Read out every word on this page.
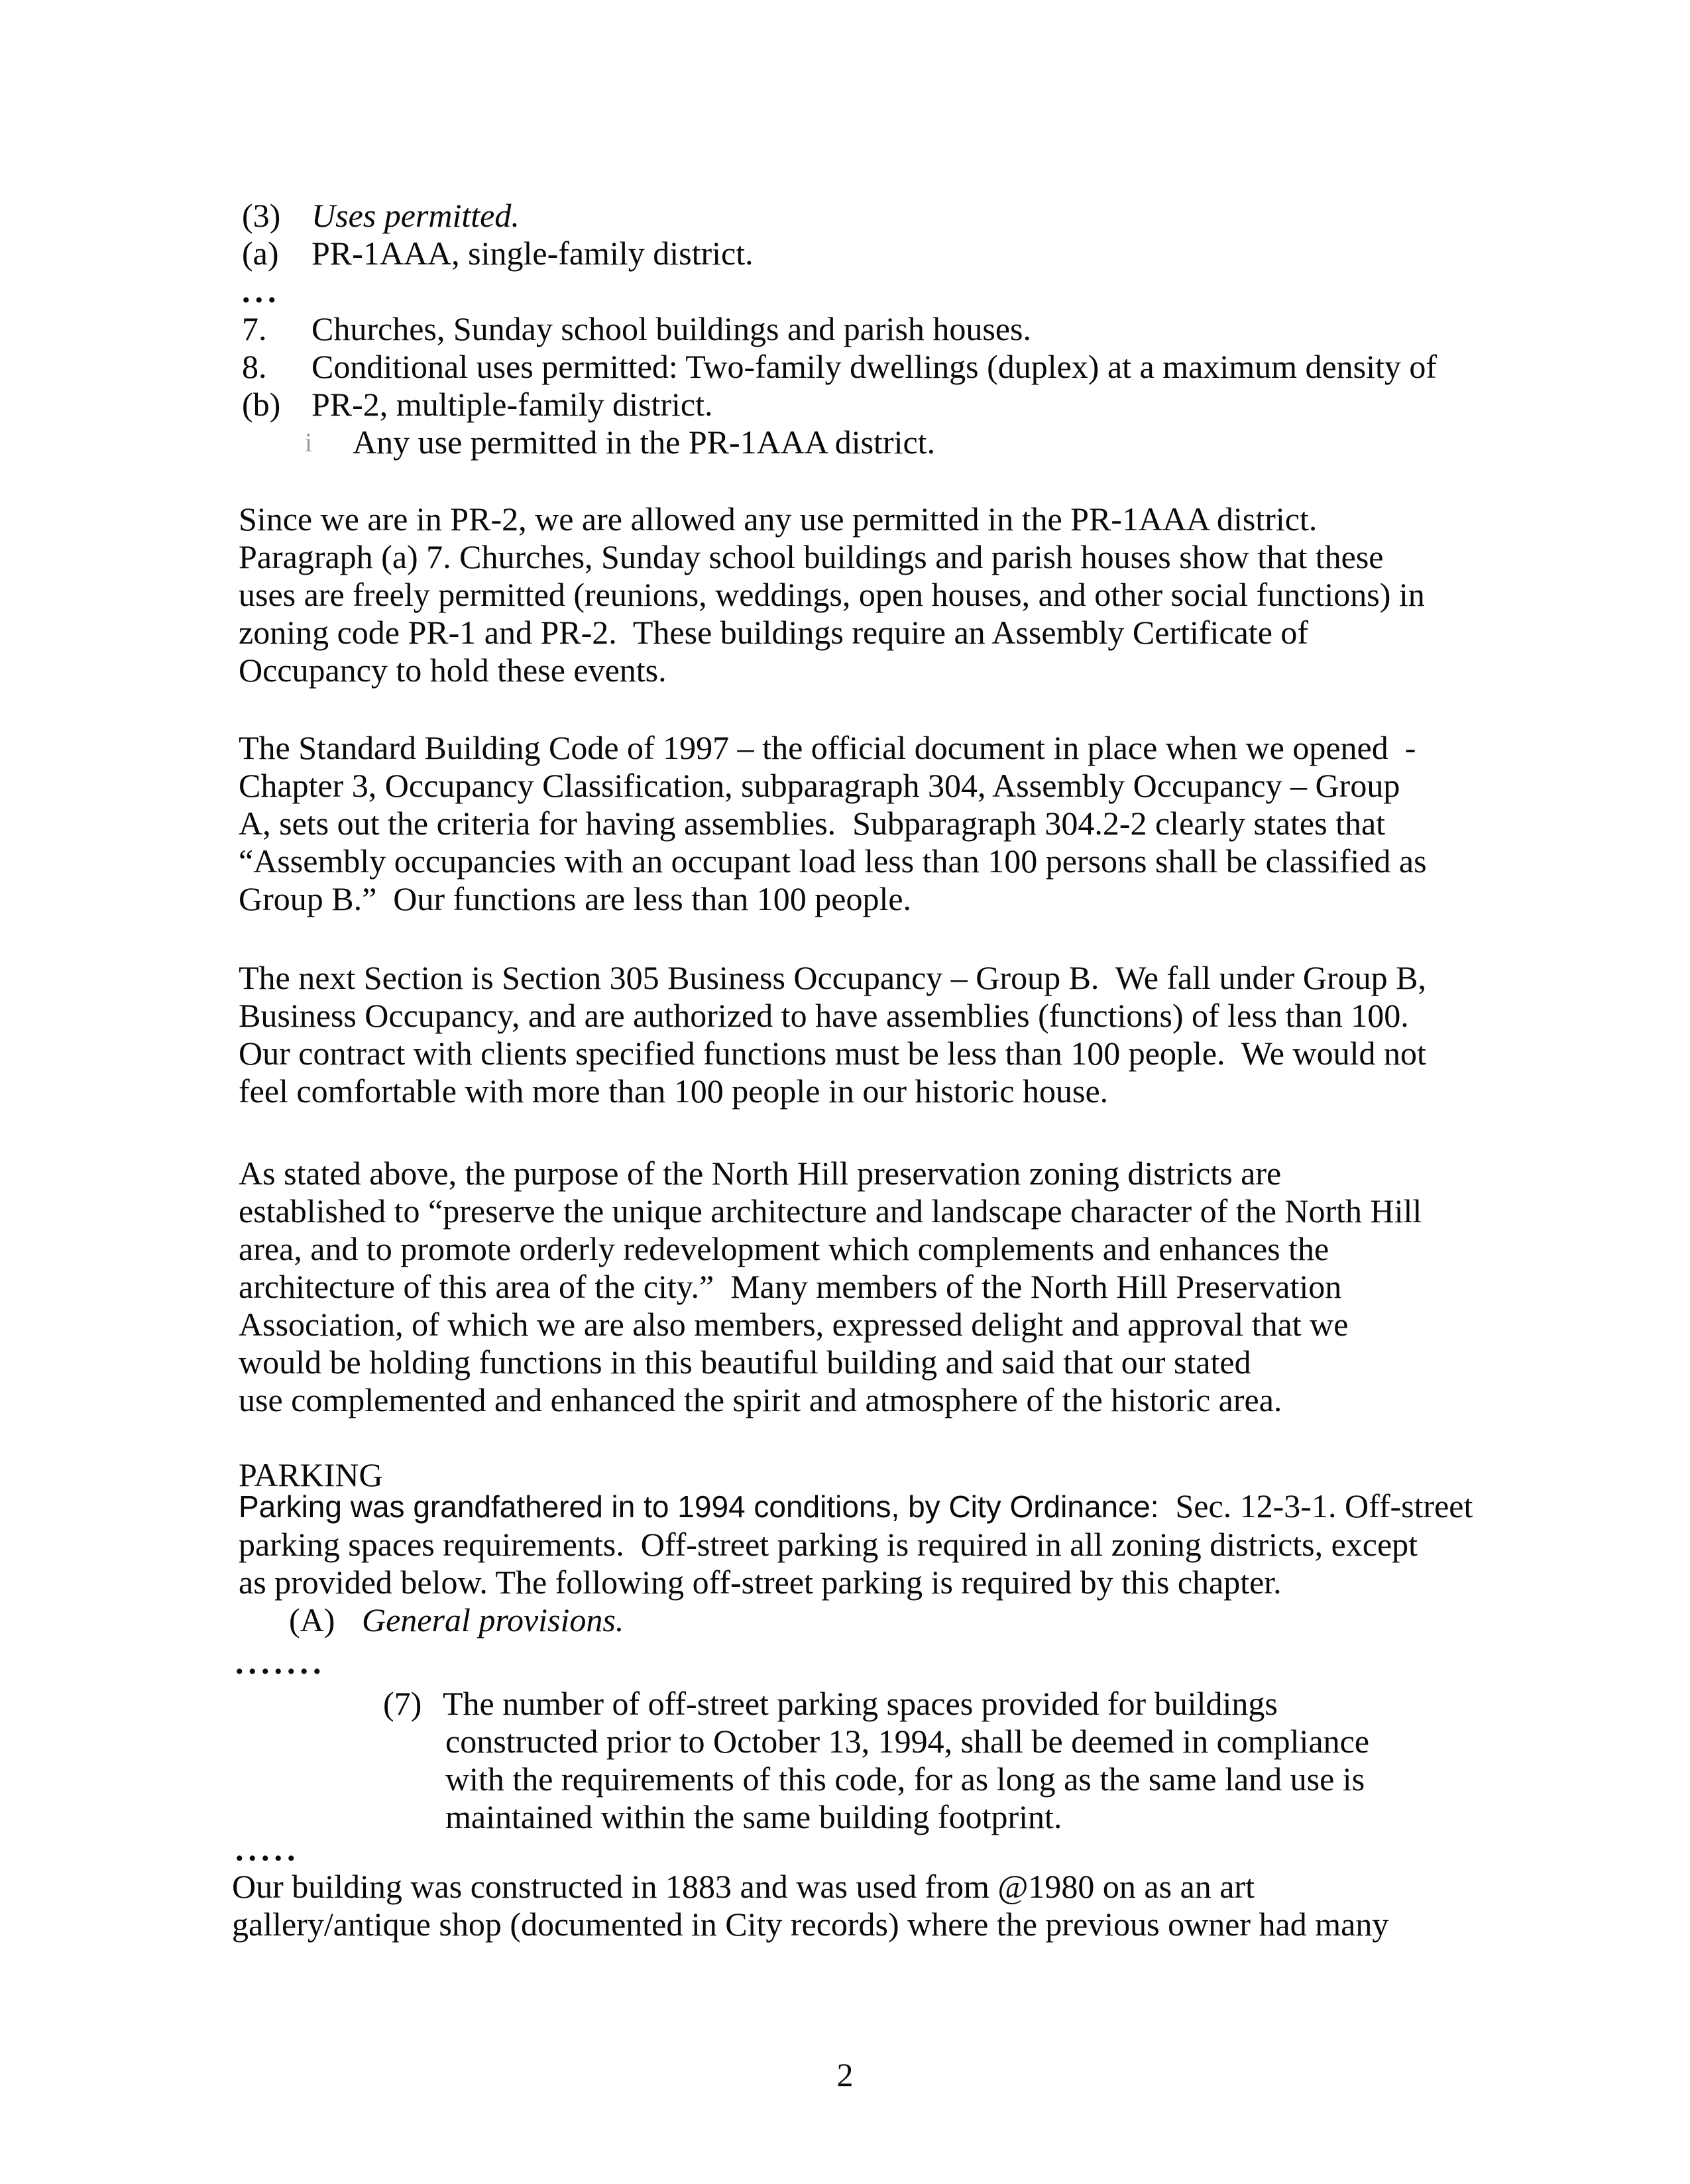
(3) Uses permitted.
(a) PR-1AAA, single-family district.
...
7.	Churches, Sunday school buildings and parish houses.
8.	Conditional uses permitted: Two-family dwellings (duplex) at a maximum density of
(b) PR-2, multiple-family district.
i	Any use permitted in the PR-1AAA district.
Since we are in PR-2, we are allowed any use permitted in the PR-1AAA district.
Paragraph (a) 7. Churches, Sunday school buildings and parish houses show that these
uses are freely permitted (reunions, weddings, open houses, and other social functions) in
zoning code PR-1 and PR-2.  These buildings require an Assembly Certificate of
Occupancy to hold these events.
The Standard Building Code of 1997 – the official document in place when we opened  -
Chapter 3, Occupancy Classification, subparagraph 304, Assembly Occupancy – Group
A, sets out the criteria for having assemblies.  Subparagraph 304.2-2 clearly states that
“Assembly occupancies with an occupant load less than 100 persons shall be classified as
Group B.”  Our functions are less than 100 people.
The next Section is Section 305 Business Occupancy – Group B.  We fall under Group B,
Business Occupancy, and are authorized to have assemblies (functions) of less than 100.
Our contract with clients specified functions must be less than 100 people.  We would not
feel comfortable with more than 100 people in our historic house.
As stated above, the purpose of the North Hill preservation zoning districts are
established to “preserve the unique architecture and landscape character of the North Hill
area, and to promote orderly redevelopment which complements and enhances the
architecture of this area of the city.”  Many members of the North Hill Preservation
Association, of which we are also members, expressed delight and approval that we
would be holding functions in this beautiful building and said that our stated
use complemented and enhanced the spirit and atmosphere of the historic area.
PARKING
Parking was grandfathered in to 1994 conditions, by City Ordinance:  Sec. 12-3-1. Off-street
parking spaces requirements.  Off-street parking is required in all zoning districts, except
as provided below. The following off-street parking is required by this chapter.
(A) General provisions.
.......
(7) The number of off-street parking spaces provided for buildings
constructed prior to October 13, 1994, shall be deemed in compliance
with the requirements of this code, for as long as the same land use is
maintained within the same building footprint.
.....
Our building was constructed in 1883 and was used from @1980 on as an art
gallery/antique shop (documented in City records) where the previous owner had many
2
